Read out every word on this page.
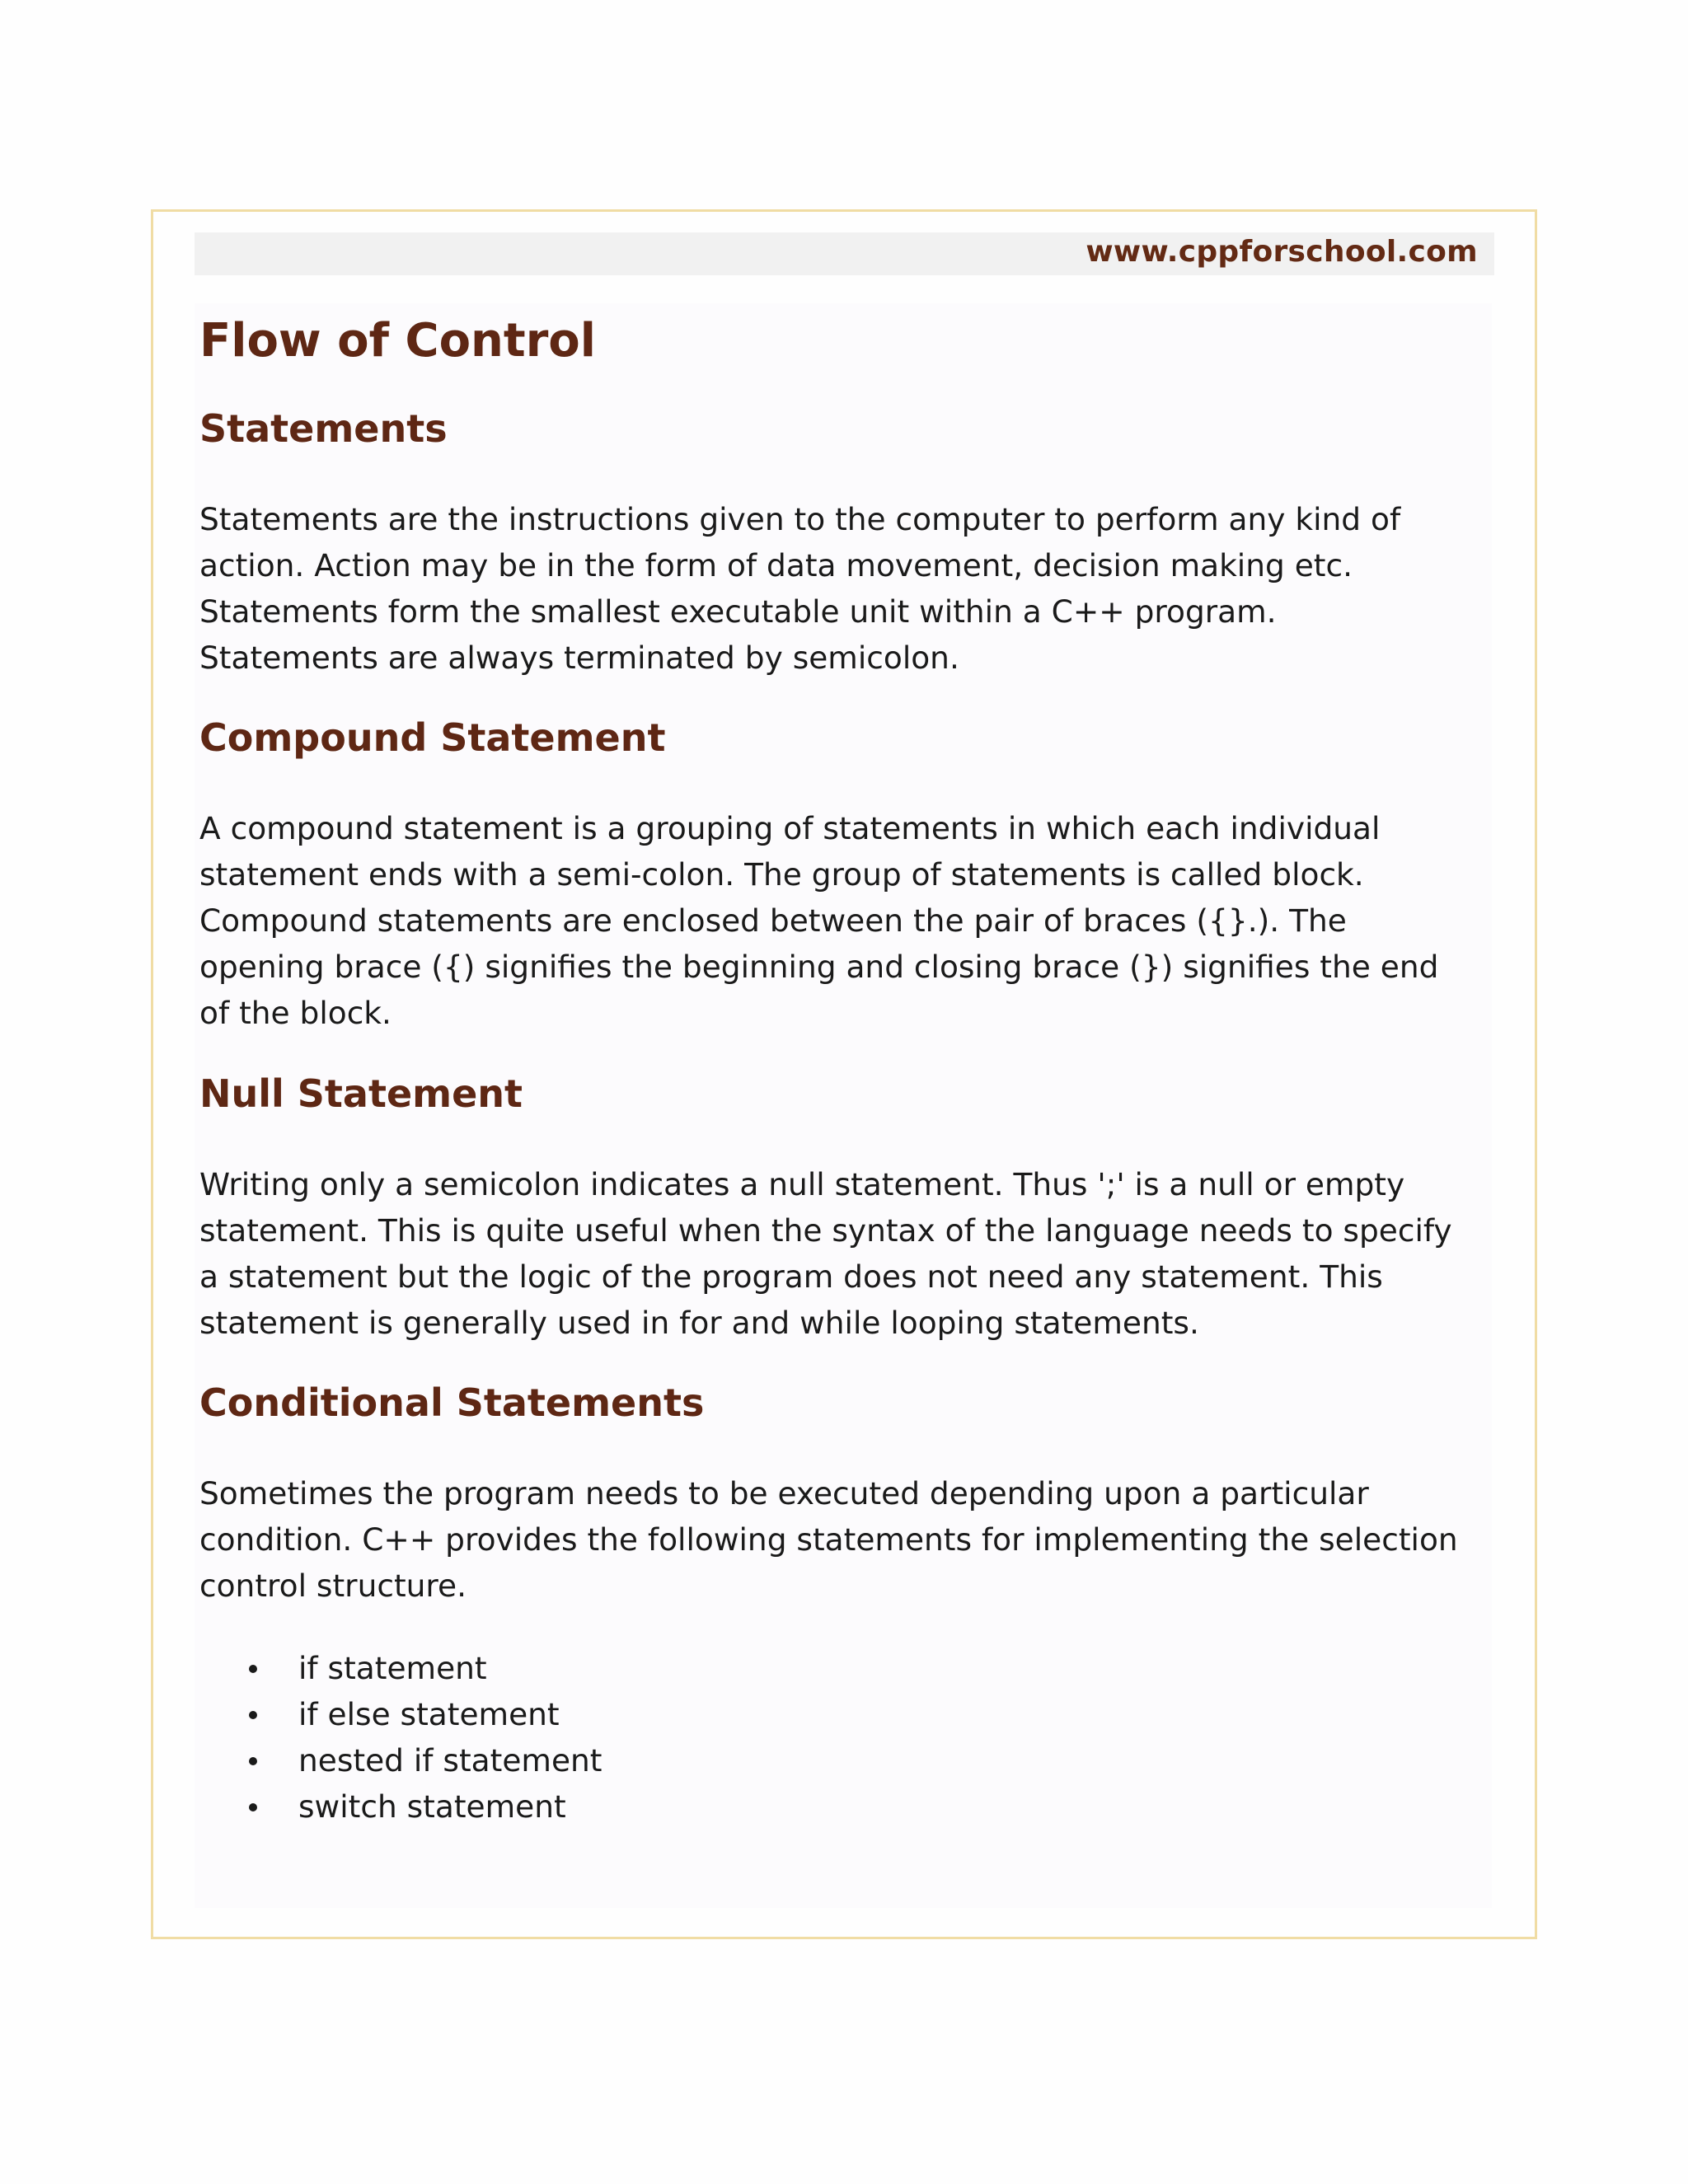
www.cppforschool.com
Flow of Control
Statements

Statements are the instructions given to the computer to perform any kind of
action. Action may be in the form of data movement, decision making etc.
Statements form the smallest executable unit within a C++ program.
Statements are always terminated by semicolon.

Compound Statement

A compound statement is a grouping of statements in which each individual
statement ends with a semi-colon. The group of statements is called block.
Compound statements are enclosed between the pair of braces ({}.). The
opening brace ({) signifies the beginning and closing brace (}) signifies the end
of the block.

Null Statement

Writing only a semicolon indicates a null statement. Thus ';' is a null or empty
statement. This is quite useful when the syntax of the language needs to specify
a statement but the logic of the program does not need any statement. This
statement is generally used in for and while looping statements.

Conditional Statements

Sometimes the program needs to be executed depending upon a particular
condition. C++ provides the following statements for implementing the selection
control structure.

if statement
if else statement
nested if statement
switch statement
